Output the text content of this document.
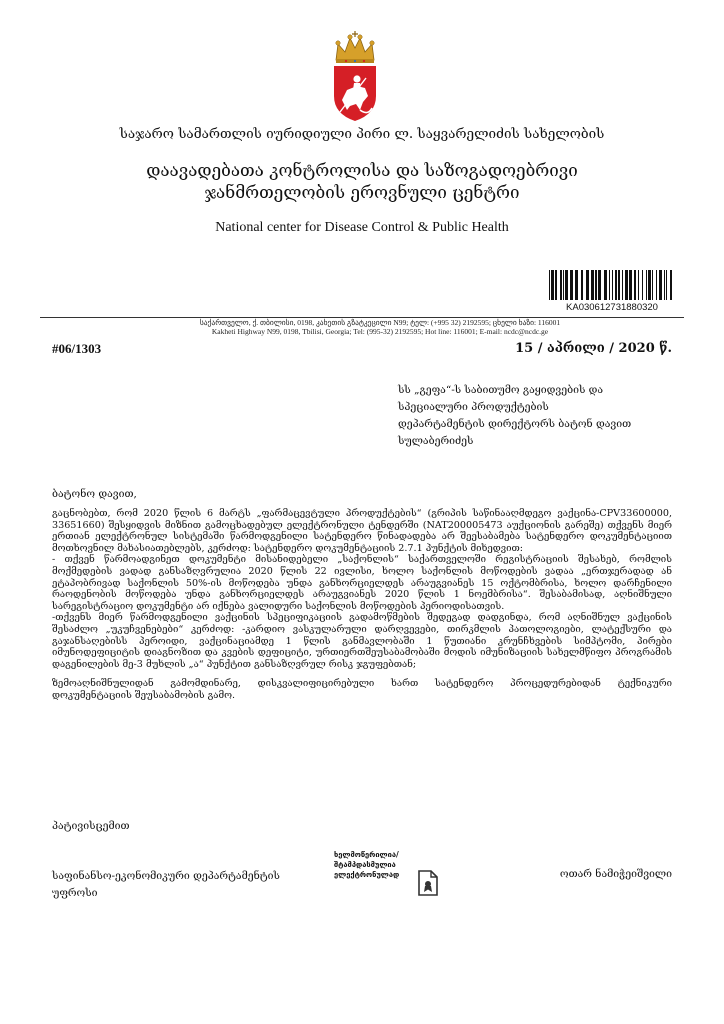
საჯარო სამართლის იურიდიული პირი ლ. საყვარელიძის სახელობის
დაავადებათა კონტროლისა და საზოგადოებრივი
ჯანმრთელობის ეროვნული ცენტრი
National center for Disease Control & Public Health
KA030612731880320
საქართველო, ქ. თბილისი, 0198, კახეთის გზატკეცილი N99; ტელ: (+995 32) 2192595; ცხელი ხაზი: 116001
Kakheti Highway N99, 0198, Tbilisi, Georgia; Tel: (995-32) 2192595; Hot line: 116001; E-mail: ncdc@ncdc.ge
#06/1303	15 / აპრილი / 2020 წ.
სს „გეფა“-ს საბითუმო გაყიდვების და
სპეციალური პროდუქტების
დეპარტამენტის დირექტორს ბატონ დავით
სულაბერიძეს
ბატონო დავით,

გაცნობებთ, რომ 2020 წლის 6 მარტს „ფარმაცევტული პროდუქტების“ (გრიპის საწინააღმდეგო ვაქცინა-CPV33600000, 33651660) შესყიდვის მიზნით გამოცხადებულ ელექტრონული ტენდერში (NAT200005473 აუქციონის გარეშე) თქვენს მიერ ერთიან ელექტრონულ სისტემაში წარმოდგენილი სატენდერო წინადადება არ შეესაბამება სატენდერო დოკუმენტაციით მოთხოვნილ მახასიათებლებს, კერძოდ: სატენდერო დოკუმენტაციის 2.7.1 პუნქტის მიხედვით:

- თქვენ წარმოადგინეთ დოკუმენტი მისანიდებელი „საქონლის“ საქართველოში რეგისტრაციის შესახებ, რომლის მოქმედების ვადად განსაზღვრულია 2020 წლის 22 ივლისი, ხოლო საქონლის მოწოდების ვადაა „ერთჯერადად ან ეტაპობრივად საქონლის 50%-ის მოწოდება უნდა განხორციელდეს არაუგვიანეს 15 ოქტომბრისა, ხოლო დარჩენილი რაოდენობის მოწოდება უნდა განხორციელდეს არაუგვიანეს 2020 წლის 1 ნოემბრისა“. შესაბამისად, აღნიშნული სარეგისტრაციო დოკუმენტი არ იქნება ვალიდური საქონლის მოწოდების პერიოდისათვის.

-თქვენს მიერ წარმოდგენილი ვაქცინის სპეციფიკაციის გადამოწმების შედეგად დადგინდა, რომ აღნიშნულ ვაქცინის შესაძლო „უკუჩვენებები“ კერძოდ: -კარდიო ვასკულარული დარღვევები, თირკმლის პათოლოგიები, ლატექსური და გაჯანსაღებისს პეროიდი, ვაქცინაციამდე 1 წლის განმავლობაში 1 წუთიანი კრუნჩხვების სიმპტომი, პირები იმუნოდეფიციტის დიაგნოზით და კვების დეფიციტი, ურთიერთშეუსაბამობაში მოდის იმუნიზაციის სახელმწიფო პროგრამის დაგენილების მე-3 მუხლის „ა“ პუნქტით განსაზღვრულ რისკ ჯგუფებთან;

ზემოაღნიშნულიდან გამომდინარე, დისკვალიფიცირებული ხართ სატენდერო პროცედურებიდან ტექნიკური დოკუმენტაციის შეუსაბამობის გამო.

პატივისცემით
საფინანსო-ეკონომიკური დეპარტამენტის
უფროსი
ხელმოწერილია/
შტამპდასმულია
ელექტრონულად	ოთარ ნამიჭეიშვილი
